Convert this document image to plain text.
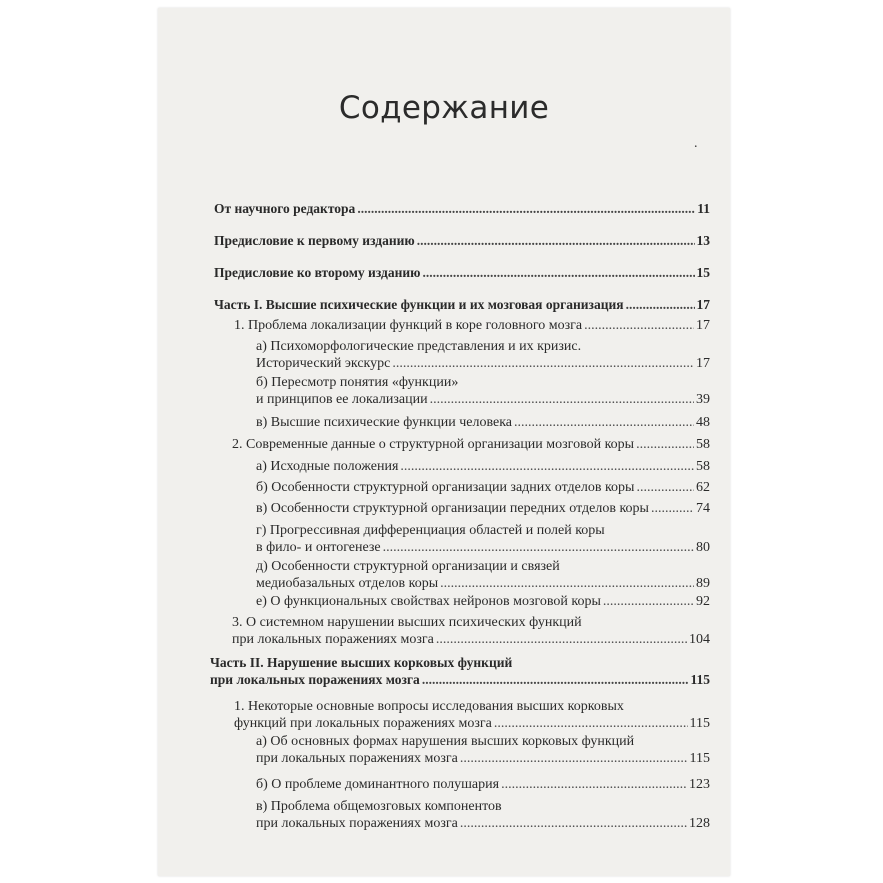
Содержание
.
От научного редактора .....	11
Предисловие к первому изданию .....	13
Предисловие ко второму изданию .....	15
Часть I. Высшие психические функции и их мозговая организация .....	17
1. Проблема локализации функций в коре головного мозга .....	17
а) Психоморфологические представления и их кризис.
Исторический экскурс .....	17
б) Пересмотр понятия «функции»
и принципов ее локализации .....	39
в) Высшие психические функции человека .....	48
2. Современные данные о структурной организации мозговой коры .....	58
а) Исходные положения .....	58
б) Особенности структурной организации задних отделов коры .....	62
в) Особенности структурной организации передних отделов коры .....	74
г) Прогрессивная дифференциация областей и полей коры
в фило- и онтогенезе .....	80
д) Особенности структурной организации и связей
медиобазальных отделов коры .....	89
е) О функциональных свойствах нейронов мозговой коры .....	92
3. О системном нарушении высших психических функций
при локальных поражениях мозга .....	104
Часть II. Нарушение высших корковых функций
при локальных поражениях мозга .....	115
1. Некоторые основные вопросы исследования высших корковых
функций при локальных поражениях мозга .....	115
а) Об основных формах нарушения высших корковых функций
при локальных поражениях мозга .....	115
б) О проблеме доминантного полушария .....	123
в) Проблема общемозговых компонентов
при локальных поражениях мозга .....	128
